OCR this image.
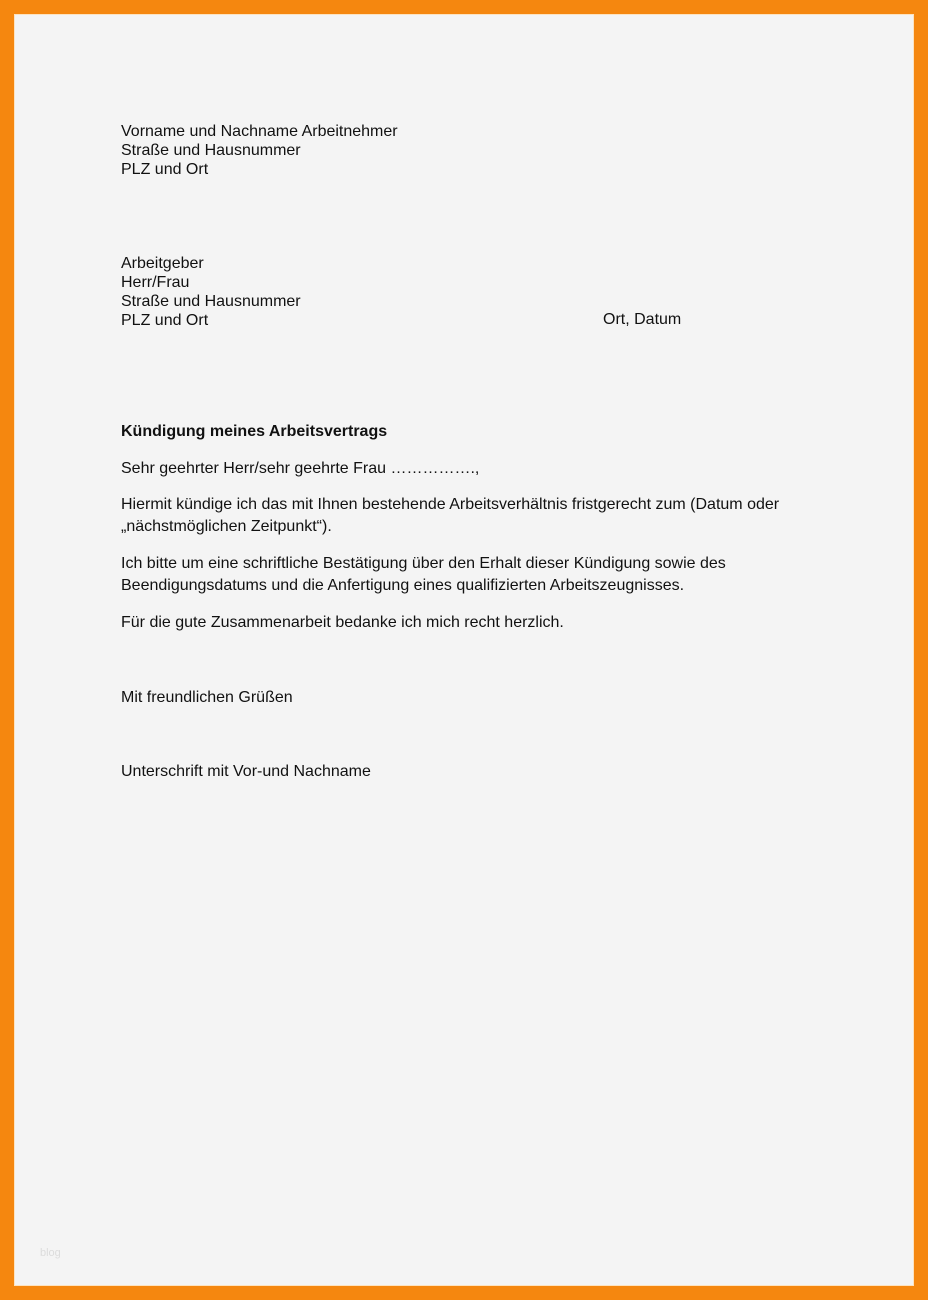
Vorname und Nachname Arbeitnehmer
Straße und Hausnummer
PLZ und Ort
Arbeitgeber
Herr/Frau
Straße und Hausnummer
PLZ und Ort	Ort, Datum
Kündigung meines Arbeitsvertrags
Sehr geehrter Herr/sehr geehrte Frau …………….,
Hiermit kündige ich das mit Ihnen bestehende Arbeitsverhältnis fristgerecht zum (Datum oder „nächstmöglichen Zeitpunkt“).
Ich bitte um eine schriftliche Bestätigung über den Erhalt dieser Kündigung sowie des Beendigungsdatums und die Anfertigung eines qualifizierten Arbeitszeugnisses.
Für die gute Zusammenarbeit bedanke ich mich recht herzlich.
Mit freundlichen Grüßen
Unterschrift mit Vor-und Nachname
blog
